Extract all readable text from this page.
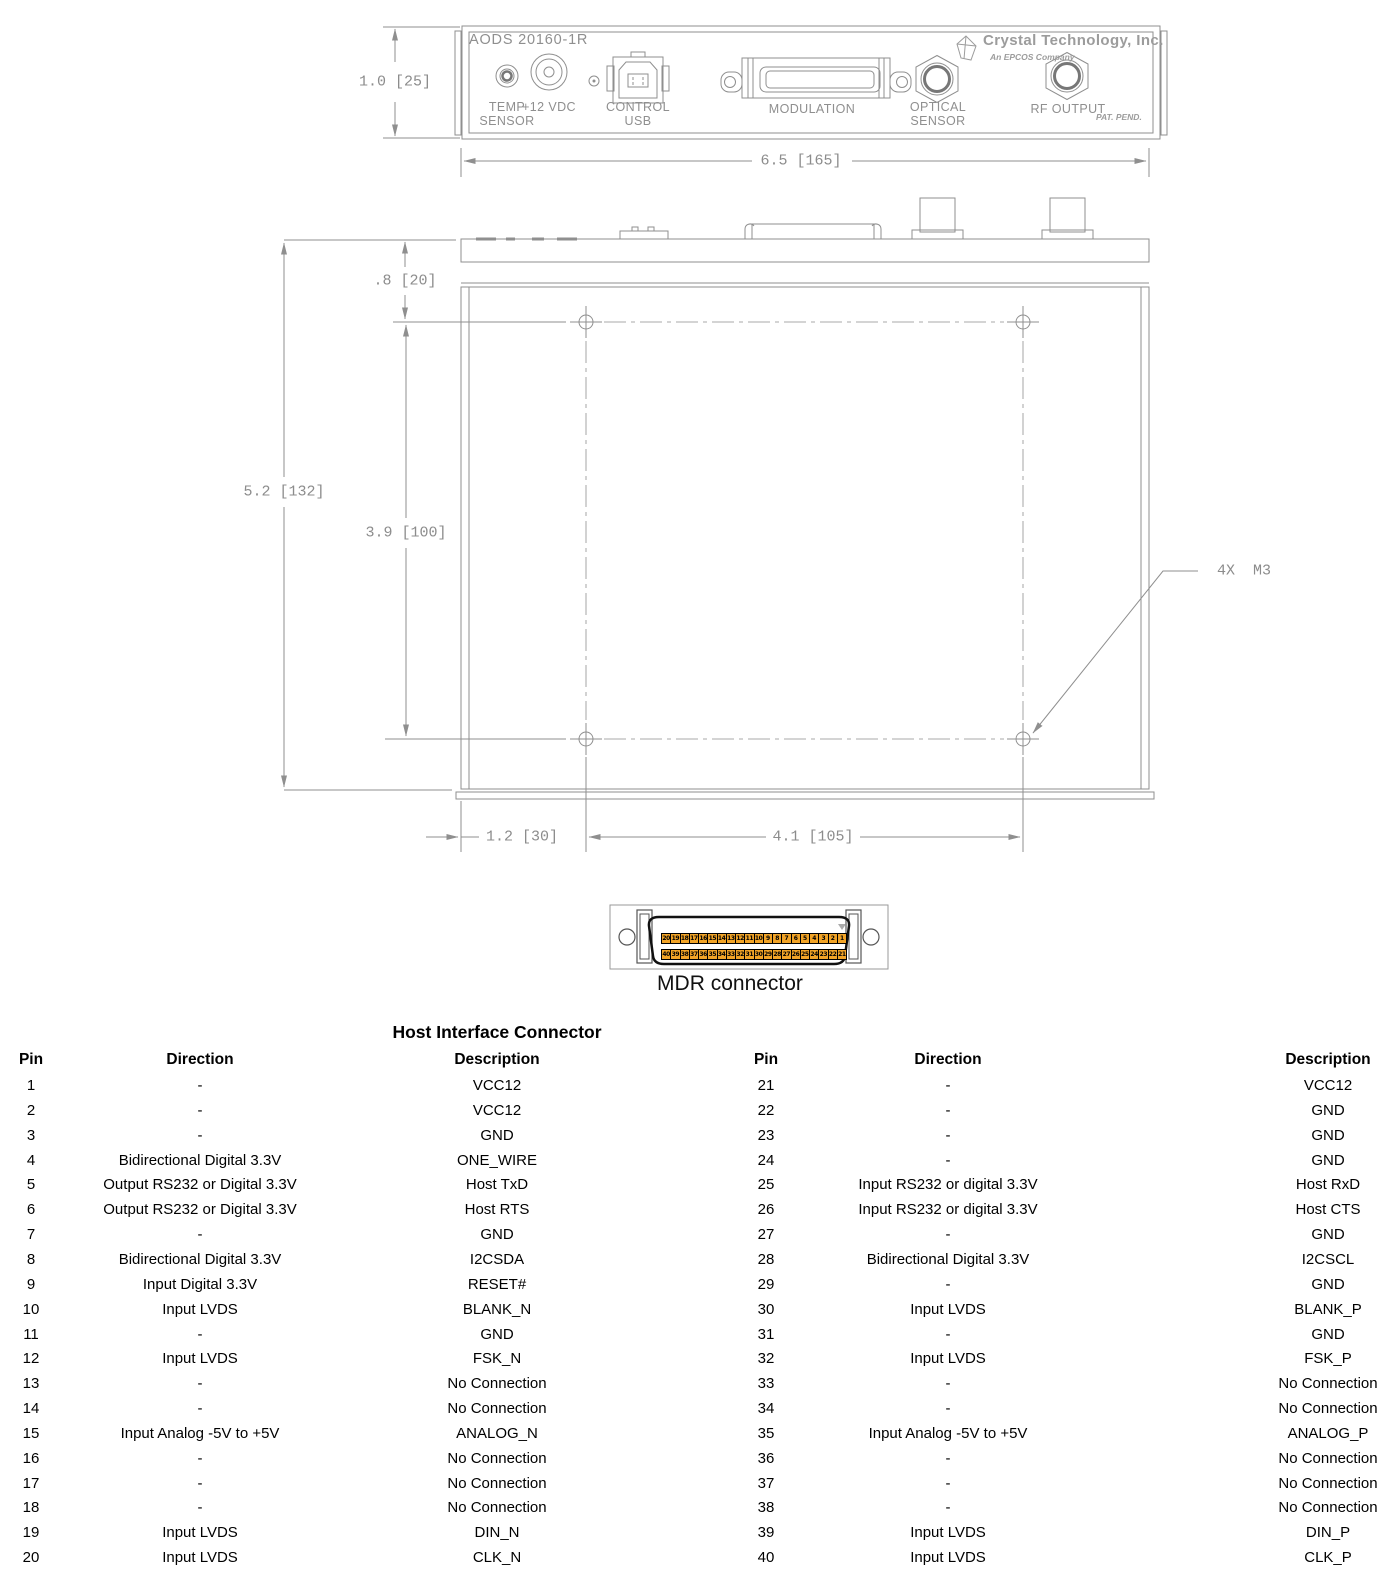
AODS 20160-1R	Crystal Technology, Inc.
An EPCOS Company
PAT. PEND.
TEMP SENSOR
+12 VDC	CONTROL USB
MODULATION	OPTICAL SENSOR
RF OUTPUT
1.0 [25]
6.5 [165]
.8 [20]
5.2 [132]
3.9 [100]
1.2 [30]	4.1 [105]
4X  M3
20 19 18 17 16 15 14 13 12 11 10 9 8 7 6 5 4 3 2 1
40 39 38 37 36 35 34 33 32 31 30 29 28 27 26 25 24 23 22 21
MDR connector
Host Interface Connector
Pin	Direction	Description	Pin	Direction	Description
1	-	VCC12	21	-	VCC12
2	-	VCC12	22	-	GND
3	-	GND	23	-	GND
4	Bidirectional Digital 3.3V	ONE_WIRE	24	-	GND
5	Output RS232 or Digital 3.3V	Host TxD	25	Input RS232 or digital 3.3V	Host RxD
6	Output RS232 or Digital 3.3V	Host RTS	26	Input RS232 or digital 3.3V	Host CTS
7	-	GND	27	-	GND
8	Bidirectional Digital 3.3V	I2CSDA	28	Bidirectional Digital 3.3V	I2CSCL
9	Input Digital 3.3V	RESET#	29	-	GND
10	Input LVDS	BLANK_N	30	Input LVDS	BLANK_P
11	-	GND	31	-	GND
12	Input LVDS	FSK_N	32	Input LVDS	FSK_P
13	-	No Connection	33	-	No Connection
14	-	No Connection	34	-	No Connection
15	Input Analog -5V to +5V	ANALOG_N	35	Input Analog -5V to +5V	ANALOG_P
16	-	No Connection	36	-	No Connection
17	-	No Connection	37	-	No Connection
18	-	No Connection	38	-	No Connection
19	Input LVDS	DIN_N	39	Input LVDS	DIN_P
20	Input LVDS	CLK_N	40	Input LVDS	CLK_P
